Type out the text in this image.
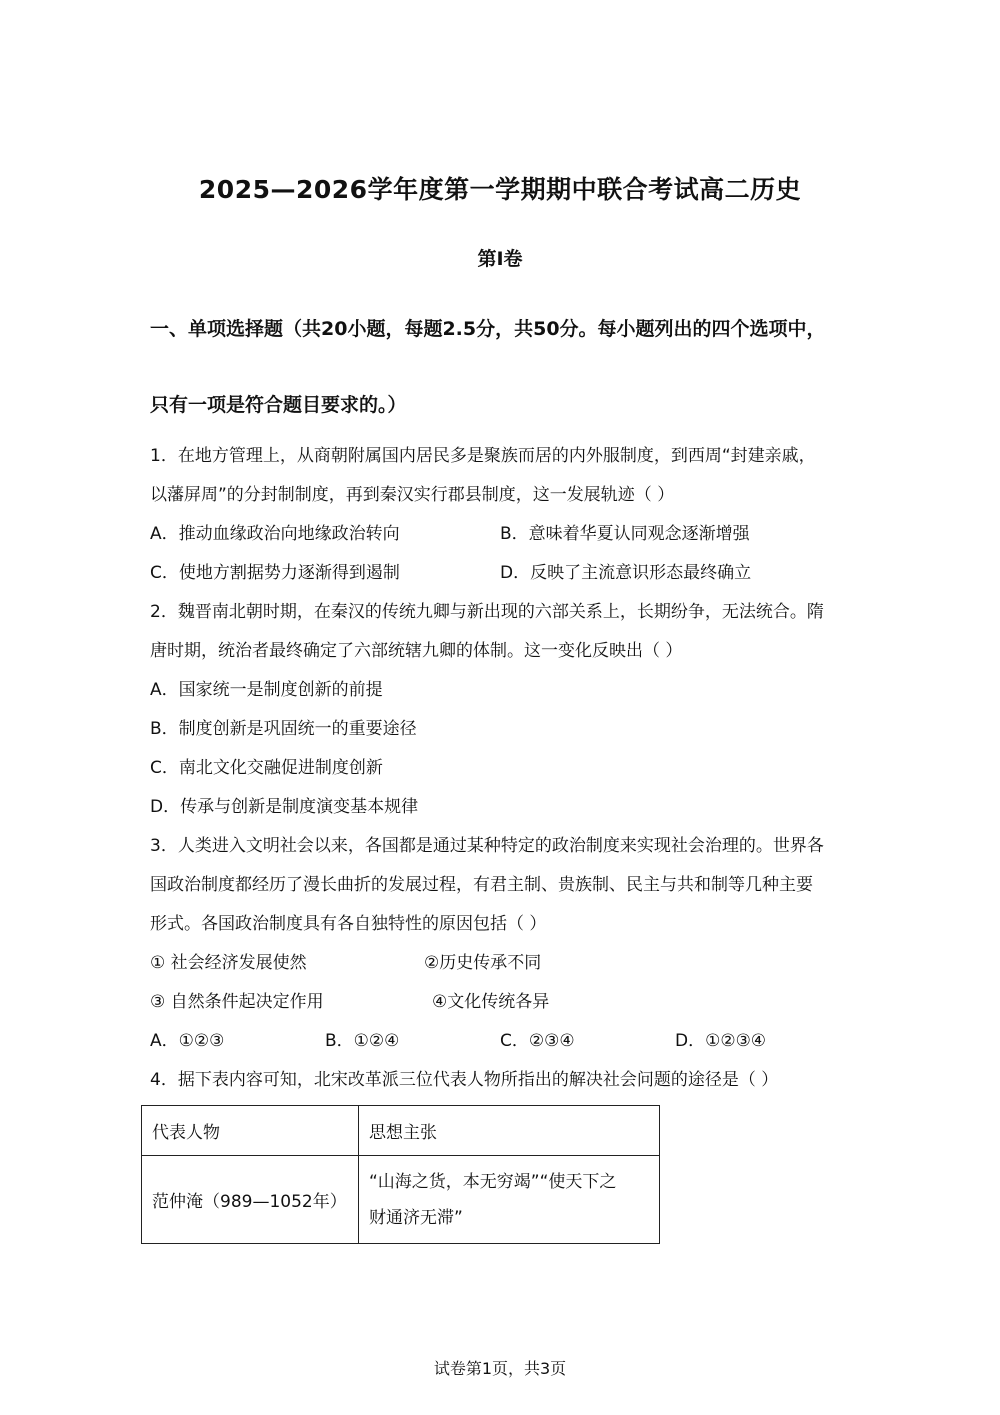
2025—2026学年度第一学期期中联合考试高二历史
第Ⅰ卷
一、单项选择题（共20小题，每题2.5分，共50分。每小题列出的四个选项中，
只有一项是符合题目要求的。）
1．在地方管理上，从商朝附属国内居民多是聚族而居的内外服制度，到西周“封建亲戚，
以藩屏周”的分封制制度，再到秦汉实行郡县制度，这一发展轨迹（ ）
A．推动血缘政治向地缘政治转向	B．意味着华夏认同观念逐渐增强
C．使地方割据势力逐渐得到遏制	D．反映了主流意识形态最终确立
2．魏晋南北朝时期，在秦汉的传统九卿与新出现的六部关系上，长期纷争，无法统合。隋
唐时期，统治者最终确定了六部统辖九卿的体制。这一变化反映出（ ）
A．国家统一是制度创新的前提
B．制度创新是巩固统一的重要途径
C．南北文化交融促进制度创新
D．传承与创新是制度演变基本规律
3．人类进入文明社会以来，各国都是通过某种特定的政治制度来实现社会治理的。世界各
国政治制度都经历了漫长曲折的发展过程，有君主制、贵族制、民主与共和制等几种主要
形式。各国政治制度具有各自独特性的原因包括（ ）
① 社会经济发展使然	②历史传承不同
③ 自然条件起决定作用	④文化传统各异
A．①②③	B．①②④	C．②③④	D．①②③④
4．据下表内容可知，北宋改革派三位代表人物所指出的解决社会问题的途径是（ ）
代表人物	思想主张
范仲淹（989—1052年）	“山海之货，本无穷竭”“使天下之
财通济无滞”
试卷第1页，共3页
